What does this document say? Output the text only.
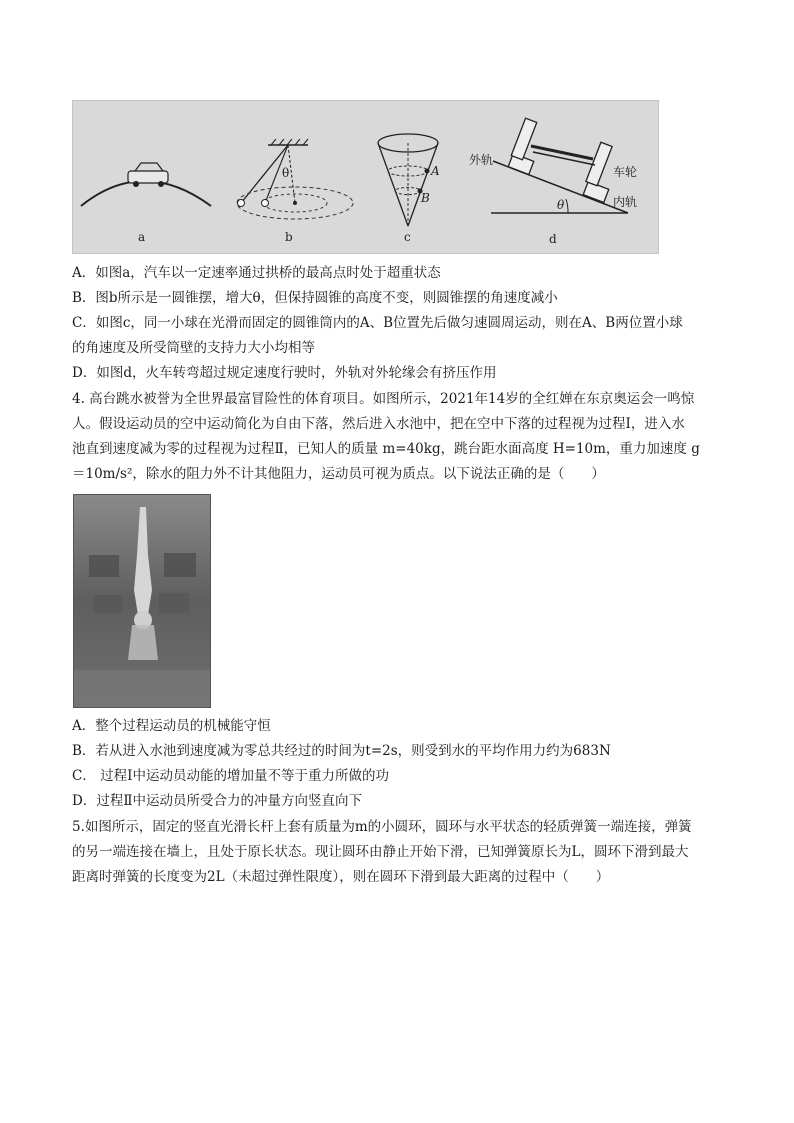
a
θ
b
A
B
c
外轨
车轮
内轨
θ
d
A．如图a，汽车以一定速率通过拱桥的最高点时处于超重状态
B．图b所示是一圆锥摆，增大θ，但保持圆锥的高度不变，则圆锥摆的角速度减小
C．如图c，同一小球在光滑而固定的圆锥筒内的A、B位置先后做匀速圆周运动，则在A、B两位置小球
的角速度及所受筒壁的支持力大小均相等
D．如图d，火车转弯超过规定速度行驶时，外轨对外轮缘会有挤压作用
4. 高台跳水被誉为全世界最富冒险性的体育项目。如图所示，2021年14岁的全红婵在东京奥运会一鸣惊
人。假设运动员的空中运动简化为自由下落，然后进入水池中，把在空中下落的过程视为过程Ⅰ，进入水
池直到速度减为零的过程视为过程Ⅱ，已知人的质量 m=40kg，跳台距水面高度 H=10m，重力加速度 g
＝10m/s²，除水的阻力外不计其他阻力，运动员可视为质点。以下说法正确的是（　　）
A．整个过程运动员的机械能守恒
B．若从进入水池到速度减为零总共经过的时间为t=2s，则受到水的平均作用力约为683N
C． 过程Ⅰ中运动员动能的增加量不等于重力所做的功
D．过程Ⅱ中运动员所受合力的冲量方向竖直向下
5.如图所示，固定的竖直光滑长杆上套有质量为m的小圆环，圆环与水平状态的轻质弹簧一端连接，弹簧
的另一端连接在墙上，且处于原长状态。现让圆环由静止开始下滑，已知弹簧原长为L，圆环下滑到最大
距离时弹簧的长度变为2L（未超过弹性限度），则在圆环下滑到最大距离的过程中（　　）
